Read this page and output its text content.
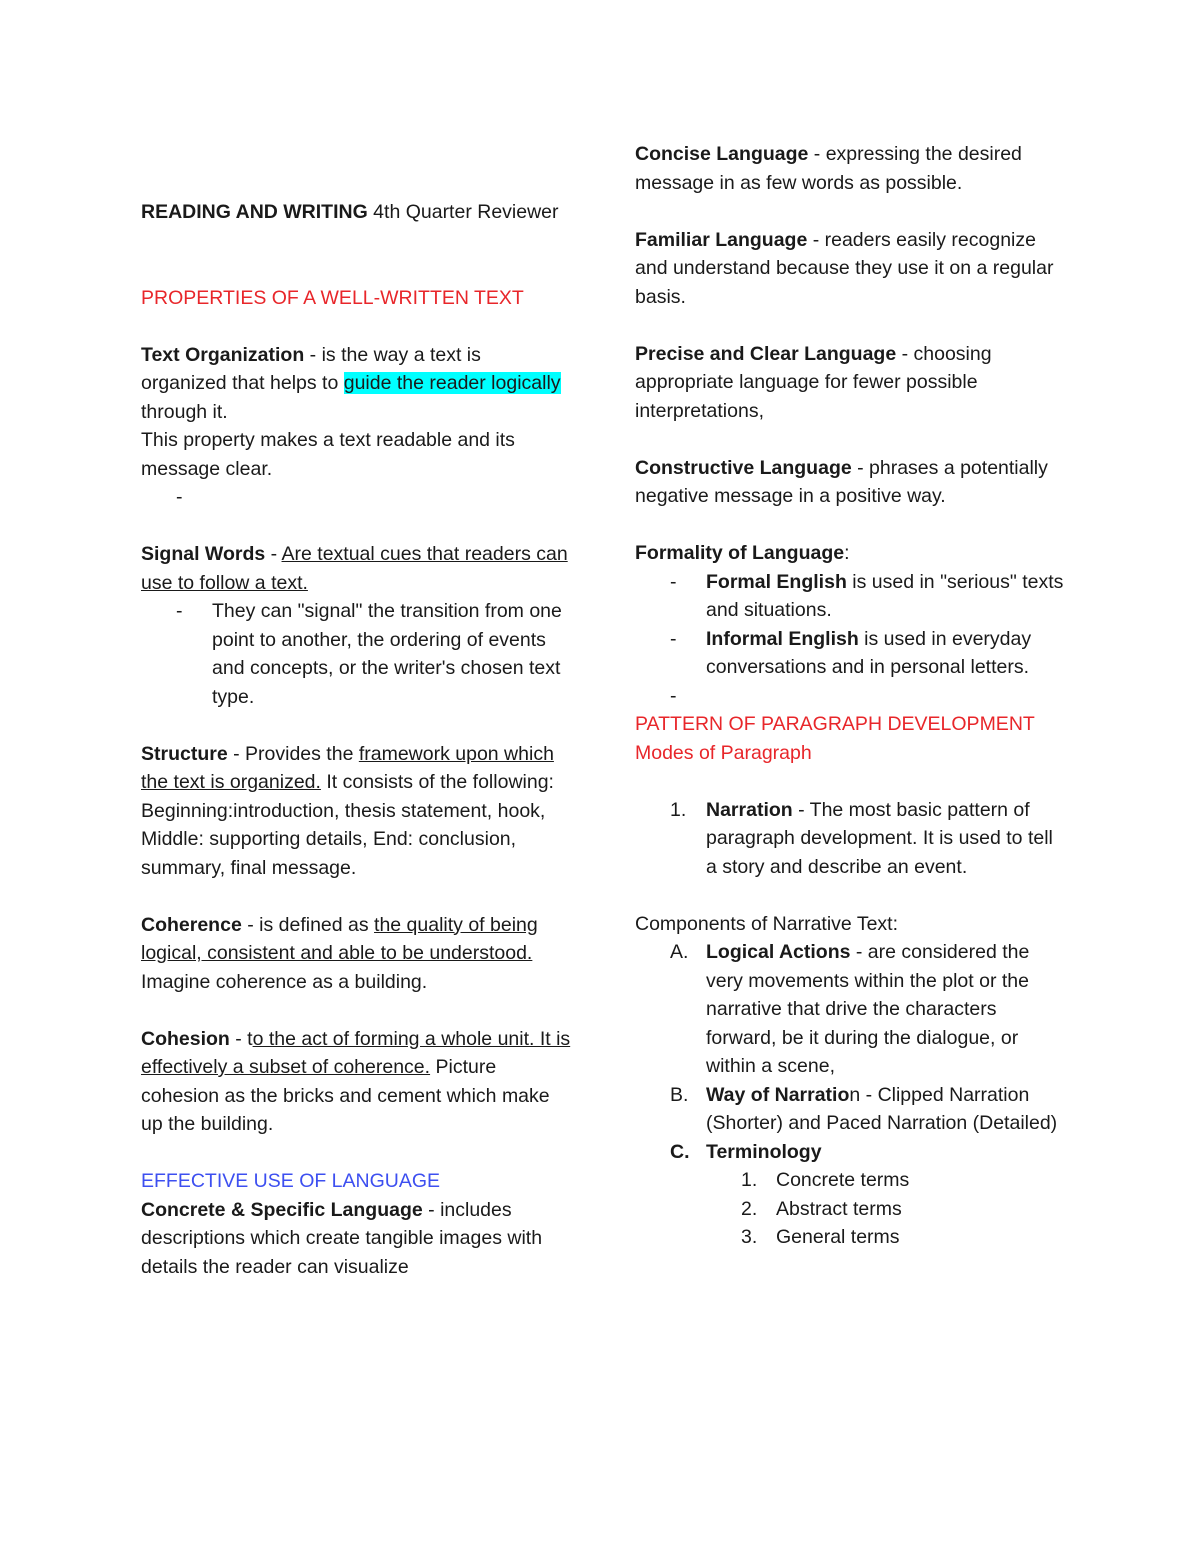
READING AND WRITING 4th Quarter Reviewer

PROPERTIES OF A WELL-WRITTEN TEXT

Text Organization - is the way a text is organized that helps to guide the reader logically through it.

This property makes a text readable and its message clear.

-

Signal Words - Are textual cues that readers can use to follow a text.

- They can "signal" the transition from one point to another, the ordering of events and concepts, or the writer's chosen text type.

Structure - Provides the framework upon which the text is organized. It consists of the following: Beginning:introduction, thesis statement, hook, Middle: supporting details, End: conclusion, summary, final message.

Coherence - is defined as the quality of being logical, consistent and able to be understood. Imagine coherence as a building.

Cohesion - to the act of forming a whole unit. It is effectively a subset of coherence. Picture cohesion as the bricks and cement which make up the building.

EFFECTIVE USE OF LANGUAGE

Concrete & Specific Language - includes descriptions which create tangible images with details the reader can visualize

Concise Language - expressing the desired message in as few words as possible.

Familiar Language - readers easily recognize and understand because they use it on a regular basis.

Precise and Clear Language - choosing appropriate language for fewer possible interpretations,

Constructive Language - phrases a potentially negative message in a positive way.

Formality of Language:

- Formal English is used in "serious" texts and situations.
- Informal English is used in everyday conversations and in personal letters.
-

PATTERN OF PARAGRAPH DEVELOPMENT

Modes of Paragraph

1. Narration - The most basic pattern of paragraph development. It is used to tell a story and describe an event.

Components of Narrative Text:

A. Logical Actions - are considered the very movements within the plot or the narrative that drive the characters forward, be it during the dialogue, or within a scene,
B. Way of Narration - Clipped Narration (Shorter) and Paced Narration (Detailed)
C. Terminology
1. Concrete terms
2. Abstract terms
3. General terms
